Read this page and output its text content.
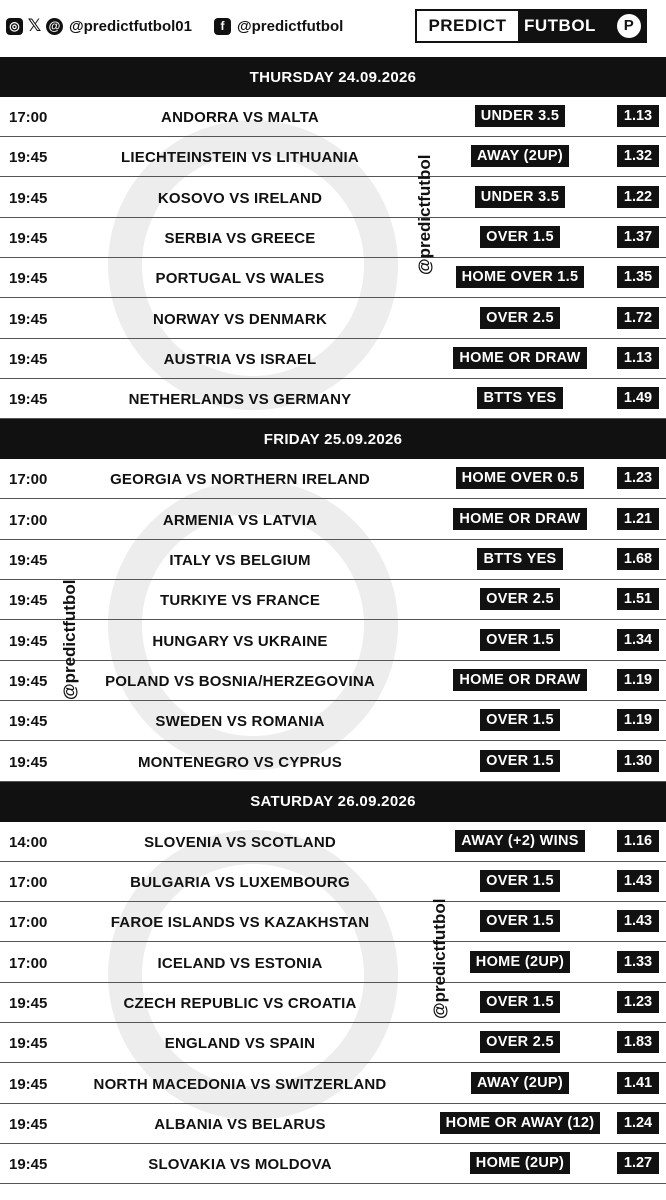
◎ 𝕏 @ @predictfutbol01	f @predictfutbol	PREDICT	FUTBOL	P
THURSDAY 24.09.2026
17:00	ANDORRA VS MALTA	UNDER 3.5	1.13
19:45	LIECHTEINSTEIN VS LITHUANIA	AWAY (2UP)	1.32
19:45	KOSOVO VS IRELAND	UNDER 3.5	1.22
19:45	SERBIA VS GREECE	OVER 1.5	1.37
19:45	PORTUGAL VS WALES	HOME OVER 1.5	1.35
19:45	NORWAY VS DENMARK	OVER 2.5	1.72
19:45	AUSTRIA VS ISRAEL	HOME OR DRAW	1.13
19:45	NETHERLANDS VS GERMANY	BTTS YES	1.49
FRIDAY 25.09.2026
17:00	GEORGIA VS NORTHERN IRELAND	HOME OVER 0.5	1.23
17:00	ARMENIA VS LATVIA	HOME OR DRAW	1.21
19:45	ITALY VS BELGIUM	BTTS YES	1.68
19:45	TURKIYE VS FRANCE	OVER 2.5	1.51
19:45	HUNGARY VS UKRAINE	OVER 1.5	1.34
19:45	POLAND VS BOSNIA/HERZEGOVINA	HOME OR DRAW	1.19
19:45	SWEDEN VS ROMANIA	OVER 1.5	1.19
19:45	MONTENEGRO VS CYPRUS	OVER 1.5	1.30
SATURDAY 26.09.2026
14:00	SLOVENIA VS SCOTLAND	AWAY (+2) WINS	1.16
17:00	BULGARIA VS LUXEMBOURG	OVER 1.5	1.43
17:00	FAROE ISLANDS VS KAZAKHSTAN	OVER 1.5	1.43
17:00	ICELAND VS ESTONIA	HOME (2UP)	1.33
19:45	CZECH REPUBLIC VS CROATIA	OVER 1.5	1.23
19:45	ENGLAND VS SPAIN	OVER 2.5	1.83
19:45	NORTH MACEDONIA VS SWITZERLAND	AWAY (2UP)	1.41
19:45	ALBANIA VS BELARUS	HOME OR AWAY (12)	1.24
19:45	SLOVAKIA VS MOLDOVA	HOME (2UP)	1.27
@predictfutbol
@predictfutbol
@predictfutbol
